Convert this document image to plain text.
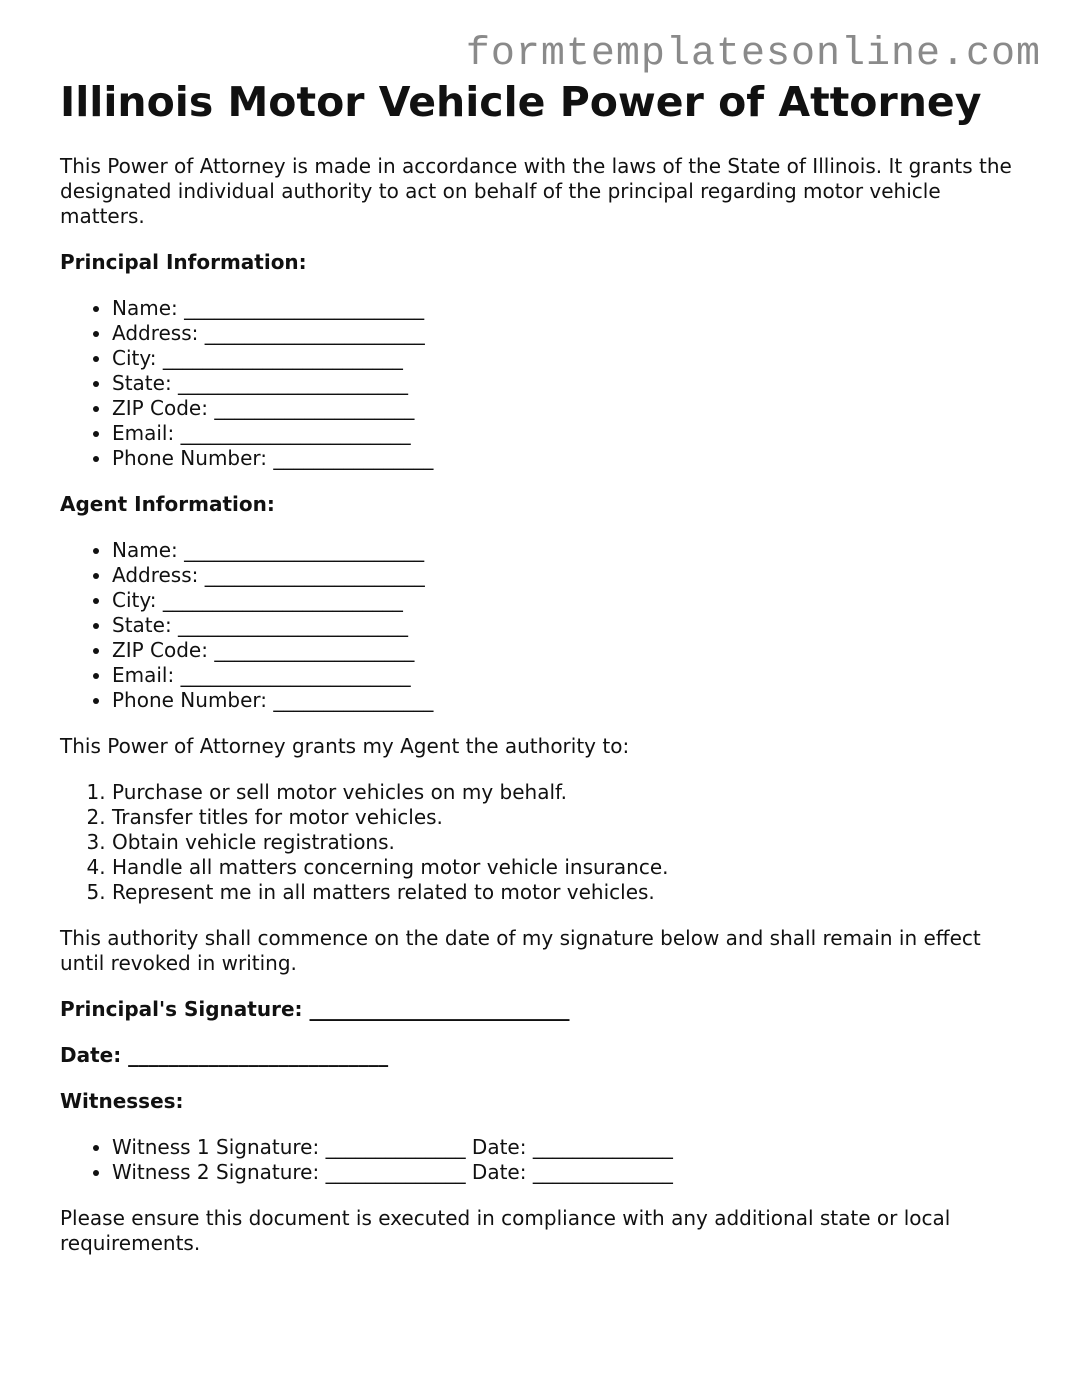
formtemplatesonline.com
Illinois Motor Vehicle Power of Attorney

This Power of Attorney is made in accordance with the laws of the State of Illinois. It grants the designated individual authority to act on behalf of the principal regarding motor vehicle matters.

Principal Information:
• Name: ________________________
• Address: ______________________
• City: ________________________
• State: _______________________
• ZIP Code: ____________________
• Email: _______________________
• Phone Number: ________________
Agent Information:
• Name: ________________________
• Address: ______________________
• City: ________________________
• State: _______________________
• ZIP Code: ____________________
• Email: _______________________
• Phone Number: ________________

This Power of Attorney grants my Agent the authority to:

1. Purchase or sell motor vehicles on my behalf.
2. Transfer titles for motor vehicles.
3. Obtain vehicle registrations.
4. Handle all matters concerning motor vehicle insurance.
5. Represent me in all matters related to motor vehicles.

This authority shall commence on the date of my signature below and shall remain in effect until revoked in writing.

Principal's Signature: __________________________
Date: __________________________
Witnesses:
• Witness 1 Signature: ______________ Date: ______________
• Witness 2 Signature: ______________ Date: ______________

Please ensure this document is executed in compliance with any additional state or local requirements.
